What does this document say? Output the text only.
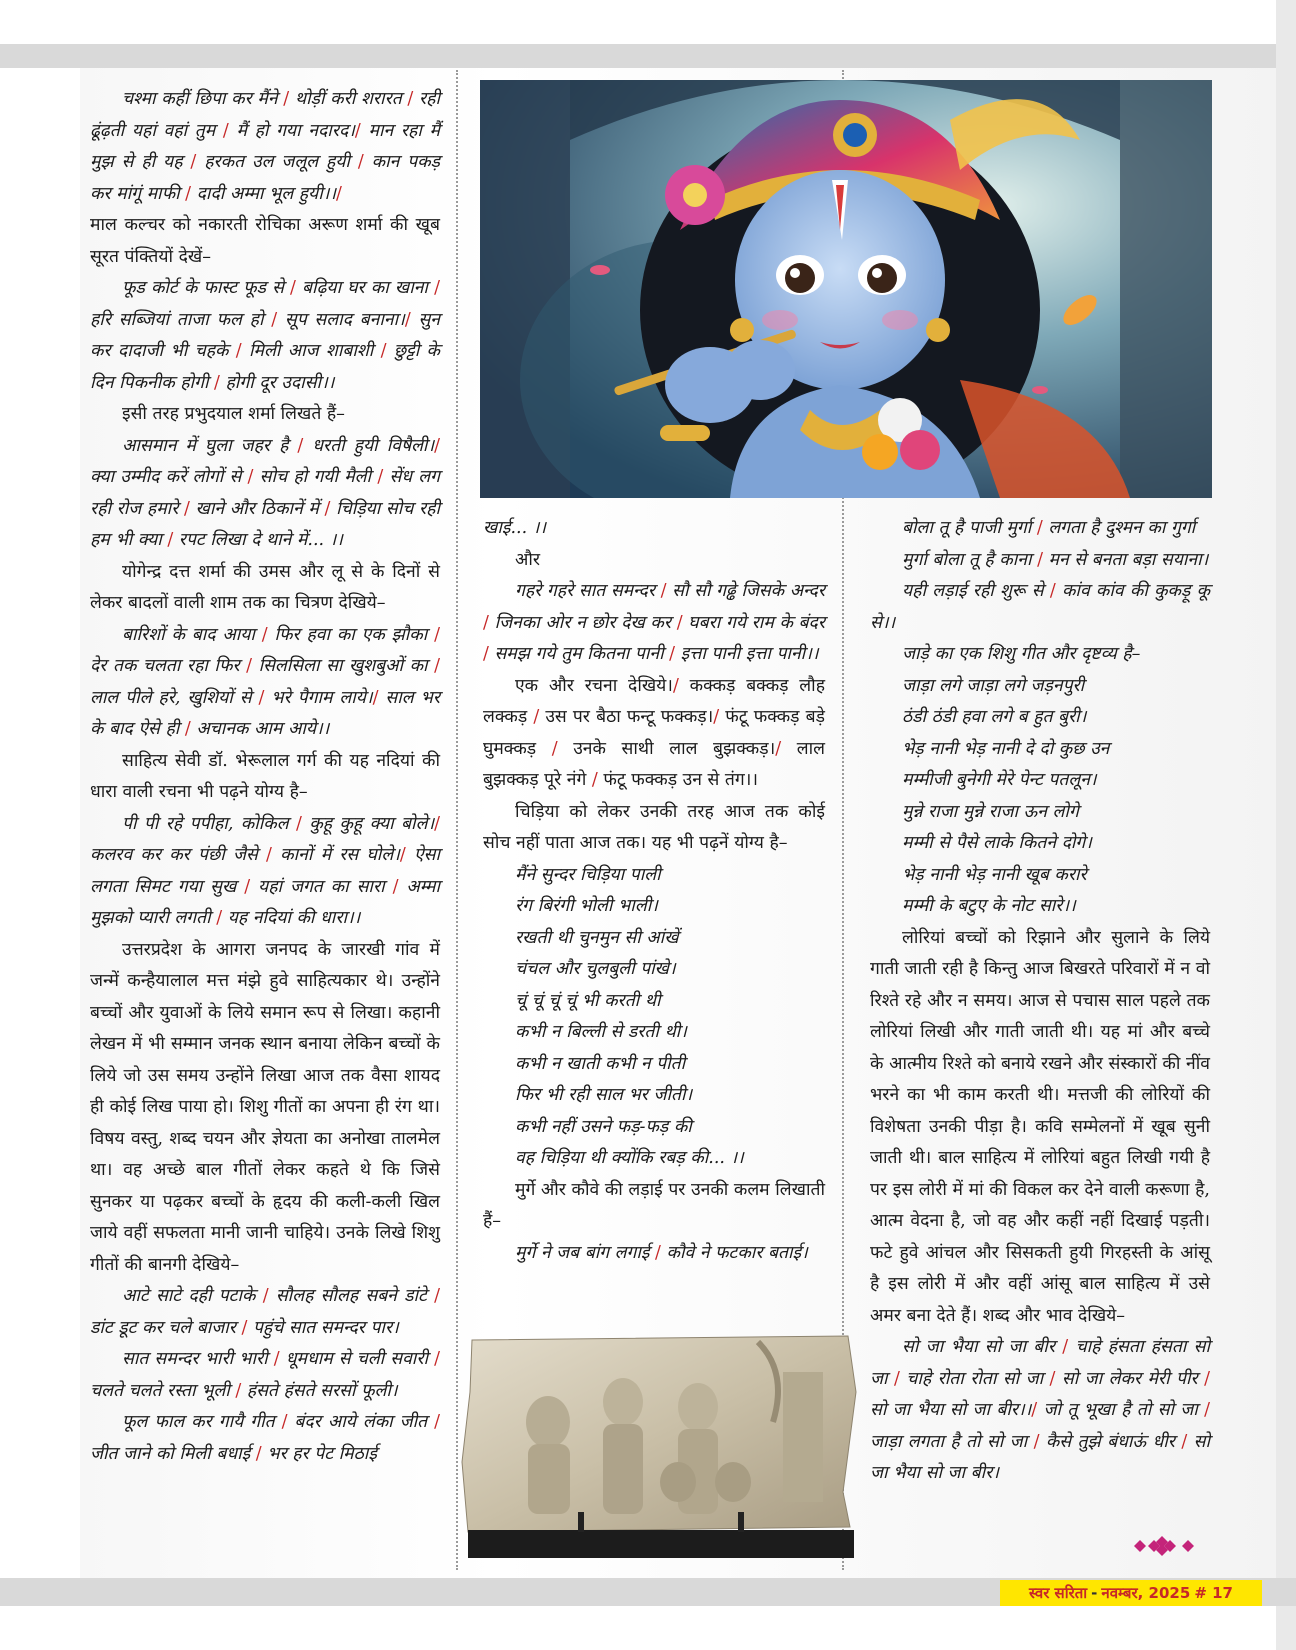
चश्मा कहीं छिपा कर मैंने / थोड़ीं करी शरारत / रही ढूंढ़ती यहां वहां तुम / मैं हो गया नदारद।/ मान रहा मैं मुझ से ही यह / हरकत उल जलूल हुयी / कान पकड़ कर मांगूं माफी / दादी अम्मा भूल हुयी।।/

माल कल्चर को नकारती रोचिका अरूण शर्मा की खूब सूरत पंक्तियों देखें–

फूड कोर्ट के फास्ट फूड से / बढ़िया घर का खाना / हरि सब्जियां ताजा फल हो / सूप सलाद बनाना।/ सुन कर दादाजी भी चहके / मिली आज शाबाशी / छुट्टी के दिन पिकनीक होगी / होगी दूर उदासी।।

इसी तरह प्रभुदयाल शर्मा लिखते हैं–

आसमान में घुला जहर है / धरती हुयी विषैली।/ क्या उम्मीद करें लोगों से / सोच हो गयी मैली / सेंध लग रही रोज हमारे / खाने और ठिकानें में / चिड़िया सोच रही हम भी क्या / रपट लिखा दे थाने में... ।।

योगेन्द्र दत्त शर्मा की उमस और लू से के दिनों से लेकर बादलों वाली शाम तक का चित्रण देखिये–

बारिशों के बाद आया / फिर हवा का एक झौका / देर तक चलता रहा फिर / सिलसिला सा खुशबुओं का / लाल पीले हरे, खुशियों से / भरे पैगाम लाये।/ साल भर के बाद ऐसे ही / अचानक आम आये।।

साहित्य सेवी डॉ. भेरूलाल गर्ग की यह नदियां की धारा वाली रचना भी पढ़ने योग्य है–

पी पी रहे पपीहा, कोकिल / कुहू कुहू क्या बोले।/ कलरव कर कर पंछी जैसे / कानों में रस घोले।/ ऐसा लगता सिमट गया सुख / यहां जगत का सारा / अम्मा मुझको प्यारी लगती / यह नदियां की धारा।।

उत्तरप्रदेश के आगरा जनपद के जारखी गांव में जन्में कन्हैयालाल मत्त मंझे हुवे साहित्यकार थे। उन्होंने बच्चों और युवाओं के लिये समान रूप से लिखा। कहानी लेखन में भी सम्मान जनक स्थान बनाया लेकिन बच्चों के लिये जो उस समय उन्होंने लिखा आज तक वैसा शायद ही कोई लिख पाया हो। शिशु गीतों का अपना ही रंग था। विषय वस्तु, शब्द चयन और ज्ञेयता का अनोखा तालमेल था। वह अच्छे बाल गीतों लेकर कहते थे कि जिसे सुनकर या पढ़कर बच्चों के हृदय की कली-कली खिल जाये वहीं सफलता मानी जानी चाहिये। उनके लिखे शिशु गीतों की बानगी देखिये–

आटे साटे दही पटाके / सौलह सौलह सबने डांटे / डांट डूट कर चले बाजार / पहुंचे सात समन्दर पार।

सात समन्दर भारी भारी / धूमधाम से चली सवारी / चलते चलते रस्ता भूली / हंसते हंसते सरसों फूली।

फूल फाल कर गायै गीत / बंदर आये लंका जीत / जीत जाने को मिली बधाई / भर हर पेट मिठाई

खाई... ।।

और

गहरे गहरे सात समन्दर / सौ सौ गढ्ढे जिसके अन्दर / जिनका ओर न छोर देख कर / घबरा गये राम के बंदर / समझ गये तुम कितना पानी / इत्ता पानी इत्ता पानी।।

एक और रचना देखिये।/ कक्कड़ बक्कड़ लौह लक्कड़ / उस पर बैठा फन्टू फक्कड़।/ फंटू फक्कड़ बड़े घुमक्कड़ / उनके साथी लाल बुझक्कड़।/ लाल बुझक्कड़ पूरे नंगे / फंटू फक्कड़ उन से तंग।।

चिड़िया को लेकर उनकी तरह आज तक कोई सोच नहीं पाता आज तक। यह भी पढ़नें योग्य है–

मैंने सुन्दर चिड़िया पाली

रंग बिरंगी भोली भाली।

रखती थी चुनमुन सी आंखें

चंचल और चुलबुली पांखे।

चूं चूं चूं चूं भी करती थी

कभी न बिल्ली से डरती थी।

कभी न खाती कभी न पीती

फिर भी रही साल भर जीती।

कभी नहीं उसने फड़-फड़ की

वह चिड़िया थी क्योंकि रबड़ की... ।।

मुर्गे और कौवे की लड़ाई पर उनकी कलम लिखाती हैं–

मुर्गे ने जब बांग लगाई / कौवे ने फटकार बताई।

बोला तू है पाजी मुर्गा / लगता है दुश्मन का गुर्गा

मुर्गा बोला तू है काना / मन से बनता बड़ा सयाना।

यही लड़ाई रही शुरू से / कांव कांव की कुकड़ू कू से।।

जाड़े का एक शिशु गीत और दृष्टव्य है–

जाड़ा लगे जाड़ा लगे जड़नपुरी

ठंडी ठंडी हवा लगे ब हुत बुरी।

भेड़ नानी भेड़ नानी दे दो कुछ उन

मम्मीजी बुनेगी मेरे पेन्ट पतलून।

मुन्ने राजा मुन्ने राजा ऊन लोगे

मम्मी से पैसे लाके कितने दोगे।

भेड़ नानी भेड़ नानी खूब करारे

मम्मी के बटुए के नोट सारे।।

लोरियां बच्चों को रिझाने और सुलाने के लिये गाती जाती रही है किन्तु आज बिखरते परिवारों में न वो रिश्ते रहे और न समय। आज से पचास साल पहले तक लोरियां लिखी और गाती जाती थी। यह मां और बच्चे के आत्मीय रिश्ते को बनाये रखने और संस्कारों की नींव भरने का भी काम करती थी। मत्तजी की लोरियों की विशेषता उनकी पीड़ा है। कवि सम्मेलनों में खूब सुनी जाती थी। बाल साहित्य में लोरियां बहुत लिखी गयी है पर इस लोरी में मां की विकल कर देने वाली करूणा है, आत्म वेदना है, जो वह और कहीं नहीं दिखाई पड़ती। फटे हुवे आंचल और सिसकती हुयी गिरहस्ती के आंसू है इस लोरी में और वहीं आंसू बाल साहित्य में उसे अमर बना देते हैं। शब्द और भाव देखिये–

सो जा भैया सो जा बीर / चाहे हंसता हंसता सो जा / चाहे रोता रोता सो जा / सो जा लेकर मेरी पीर / सो जा भैया सो जा बीर।।/ जो तू भूखा है तो सो जा / जाड़ा लगता है तो सो जा / कैसे तुझे बंधाऊं धीर / सो जा भैया सो जा बीर।

स्वर सरिता - नवम्बर, 2025 # 17
